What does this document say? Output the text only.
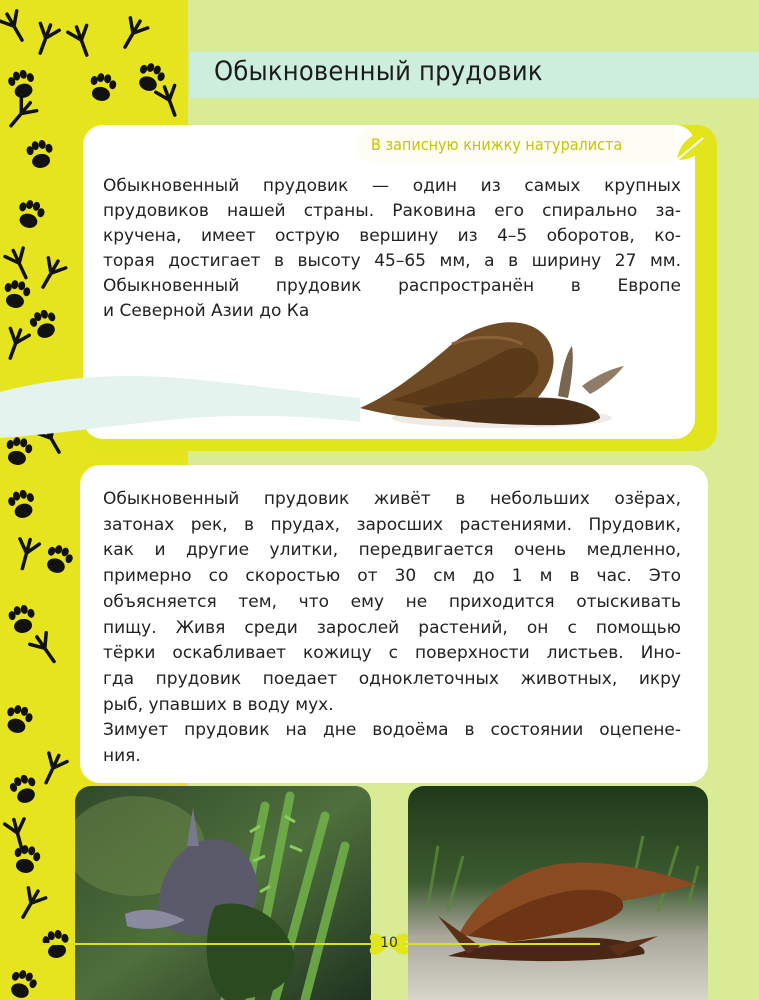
Обыкновенный прудовик
В записную книжку натуралиста

Обыкновенный прудовик — один из самых крупных
прудовиков нашей страны. Раковина его спирально за-
кручена, имеет острую вершину из 4–5 оборотов, ко-
торая достигает в высоту 45–65 мм, а в ширину 27 мм.
Обыкновенный прудовик распространён в Европе
и Северной Азии до Ка

Обыкновенный прудовик живёт в небольших озёрах,
затонах рек, в прудах, заросших растениями. Прудовик,
как и другие улитки, передвигается очень медленно,
примерно со скоростью от 30 см до 1 м в час. Это
объясняется тем, что ему не приходится отыскивать
пищу. Живя среди зарослей растений, он с помощью
тёрки оскабливает кожицу с поверхности листьев. Ино-
гда прудовик поедает одноклеточных животных, икру
рыб, упавших в воду мух.
Зимует прудовик на дне водоёма в состоянии оцепене-
ния.

10
